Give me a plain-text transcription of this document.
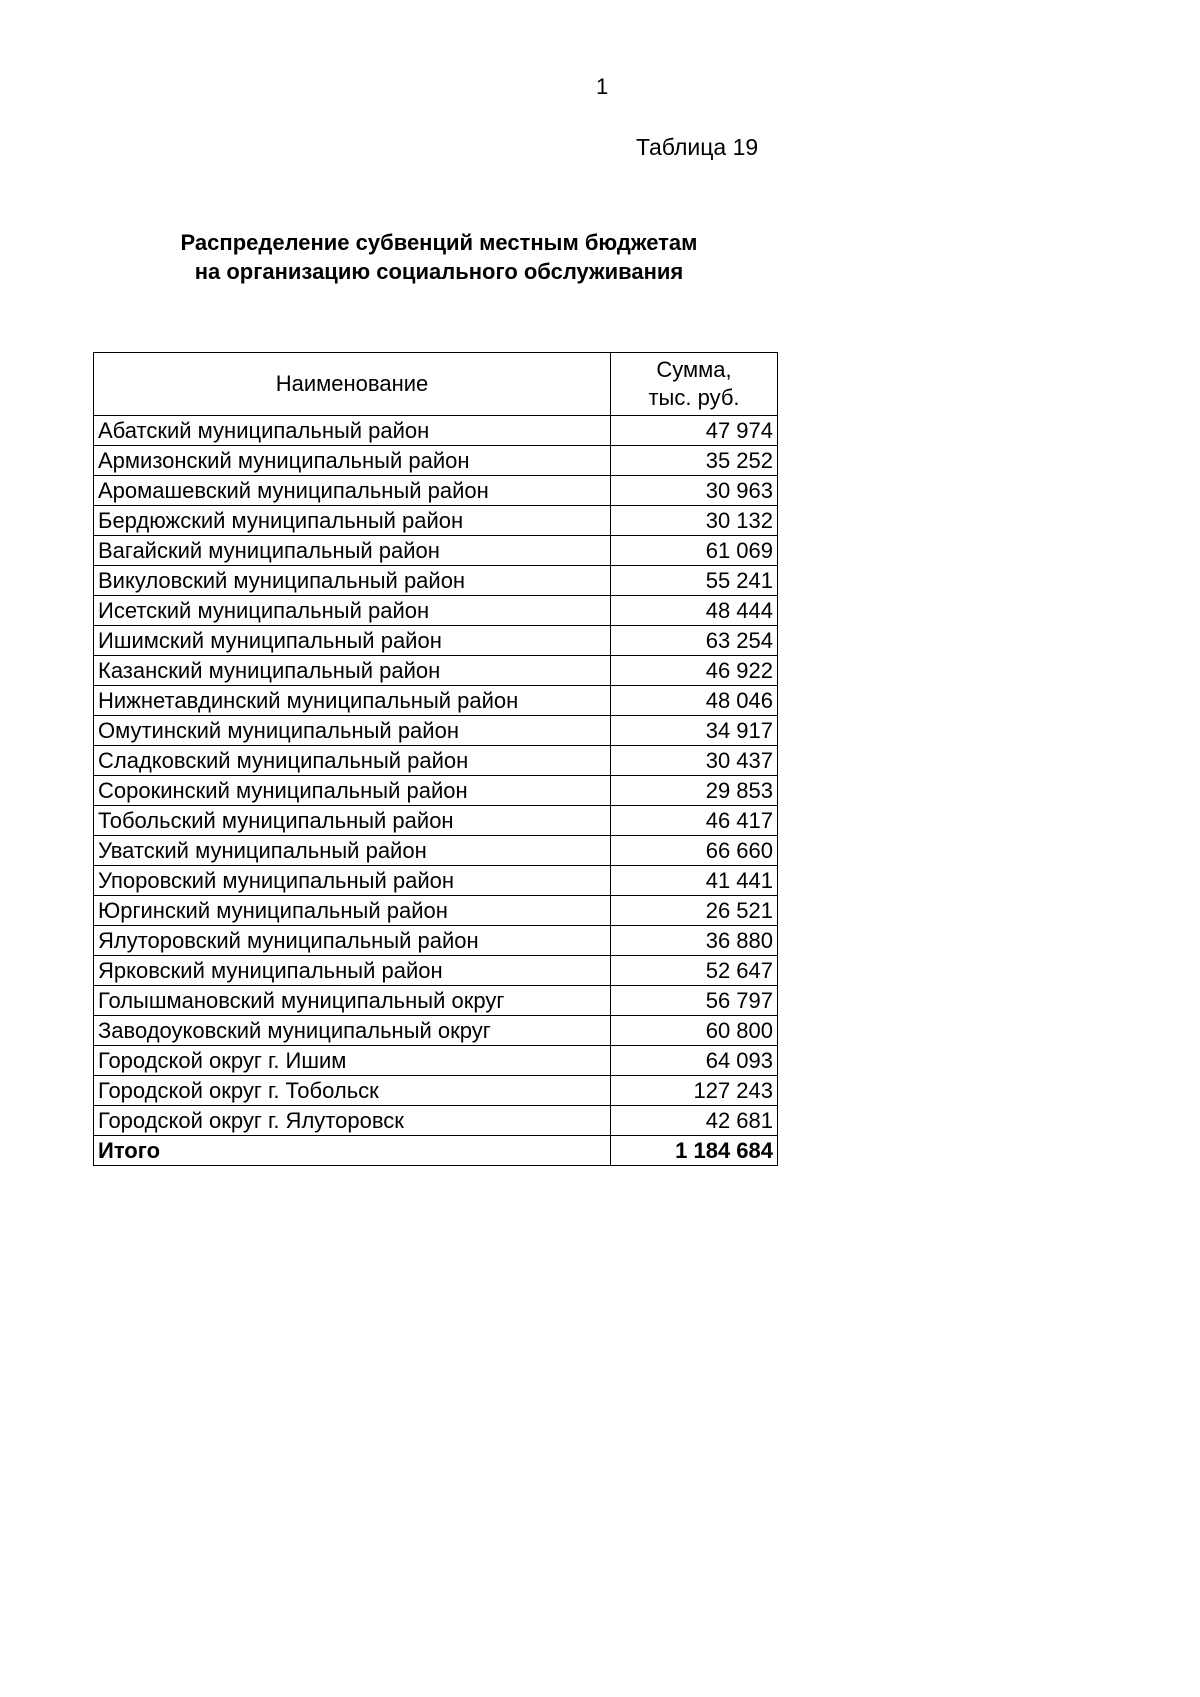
1
Таблица 19
Распределение субвенций местным бюджетам
на организацию социального обслуживания
Наименование	Сумма,
тыс. руб.

Абатский муниципальный район	47 974
Армизонский муниципальный район	35 252
Аромашевский муниципальный район	30 963
Бердюжский муниципальный район	30 132
Вагайский муниципальный район	61 069
Викуловский муниципальный район	55 241
Исетский муниципальный район	48 444
Ишимский муниципальный район	63 254
Казанский муниципальный район	46 922
Нижнетавдинский муниципальный район	48 046
Омутинский муниципальный район	34 917
Сладковский муниципальный район	30 437
Сорокинский муниципальный район	29 853
Тобольский муниципальный район	46 417
Уватский муниципальный район	66 660
Упоровский муниципальный район	41 441
Юргинский муниципальный район	26 521
Ялуторовский муниципальный район	36 880
Ярковский муниципальный район	52 647
Голышмановский муниципальный округ	56 797
Заводоуковский муниципальный округ	60 800
Городской округ г. Ишим	64 093
Городской округ г. Тобольск	127 243
Городской округ г. Ялуторовск	42 681
Итого	1 184 684
